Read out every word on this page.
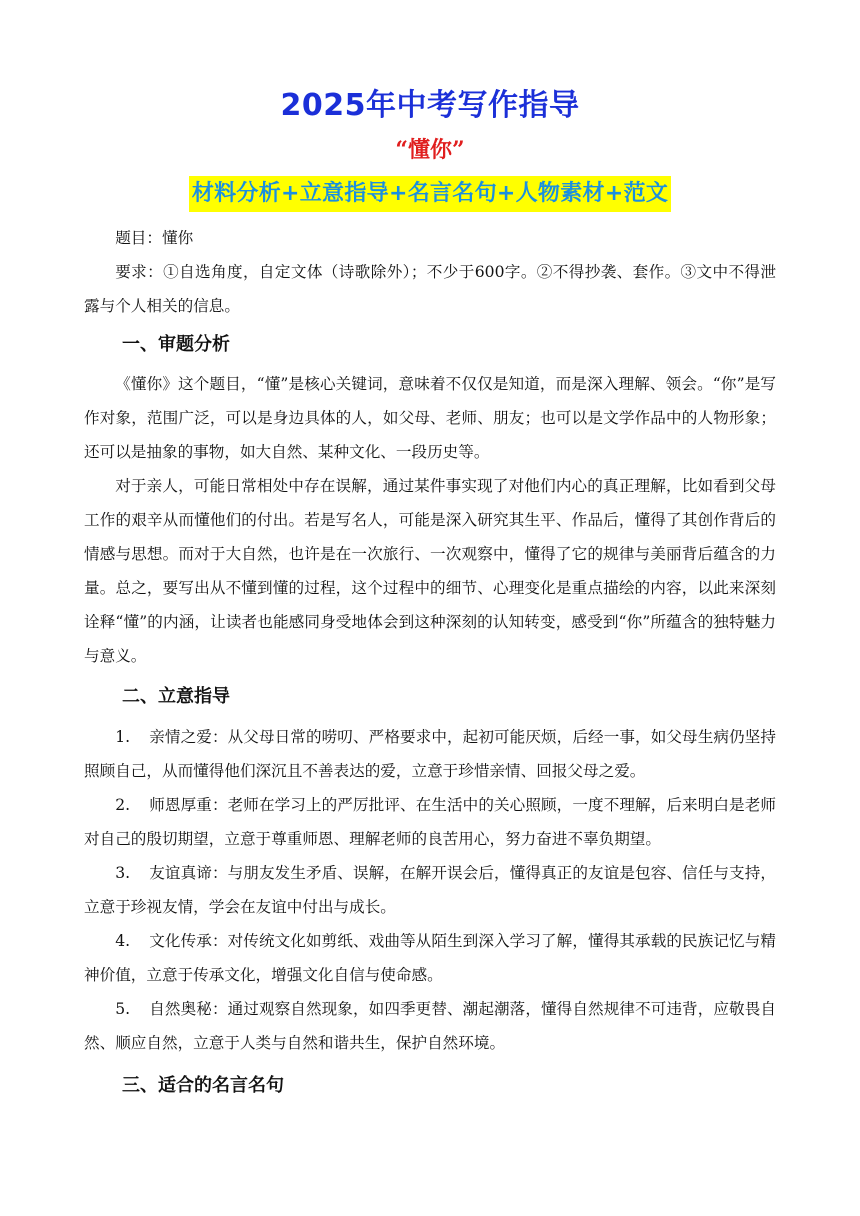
2025年中考写作指导
“懂你”
材料分析+立意指导+名言名句+人物素材+范文

题目：懂你

要求：①自选角度，自定文体（诗歌除外）；不少于600字。②不得抄袭、套作。③文中不得泄露与个人相关的信息。

一、审题分析

《懂你》这个题目，“懂”是核心关键词，意味着不仅仅是知道，而是深入理解、领会。“你”是写作对象，范围广泛，可以是身边具体的人，如父母、老师、朋友；也可以是文学作品中的人物形象；还可以是抽象的事物，如大自然、某种文化、一段历史等。

对于亲人，可能日常相处中存在误解，通过某件事实现了对他们内心的真正理解，比如看到父母工作的艰辛从而懂他们的付出。若是写名人，可能是深入研究其生平、作品后，懂得了其创作背后的情感与思想。而对于大自然，也许是在一次旅行、一次观察中，懂得了它的规律与美丽背后蕴含的力量。总之，要写出从不懂到懂的过程，这个过程中的细节、心理变化是重点描绘的内容，以此来深刻诠释“懂”的内涵，让读者也能感同身受地体会到这种深刻的认知转变，感受到“你”所蕴含的独特魅力与意义。

二、立意指导

1. 亲情之爱：从父母日常的唠叨、严格要求中，起初可能厌烦，后经一事，如父母生病仍坚持照顾自己，从而懂得他们深沉且不善表达的爱，立意于珍惜亲情、回报父母之爱。

2. 师恩厚重：老师在学习上的严厉批评、在生活中的关心照顾，一度不理解，后来明白是老师对自己的殷切期望，立意于尊重师恩、理解老师的良苦用心，努力奋进不辜负期望。

3. 友谊真谛：与朋友发生矛盾、误解，在解开误会后，懂得真正的友谊是包容、信任与支持，立意于珍视友情，学会在友谊中付出与成长。

4. 文化传承：对传统文化如剪纸、戏曲等从陌生到深入学习了解，懂得其承载的民族记忆与精神价值，立意于传承文化，增强文化自信与使命感。

5. 自然奥秘：通过观察自然现象，如四季更替、潮起潮落，懂得自然规律不可违背，应敬畏自然、顺应自然，立意于人类与自然和谐共生，保护自然环境。

三、适合的名言名句
